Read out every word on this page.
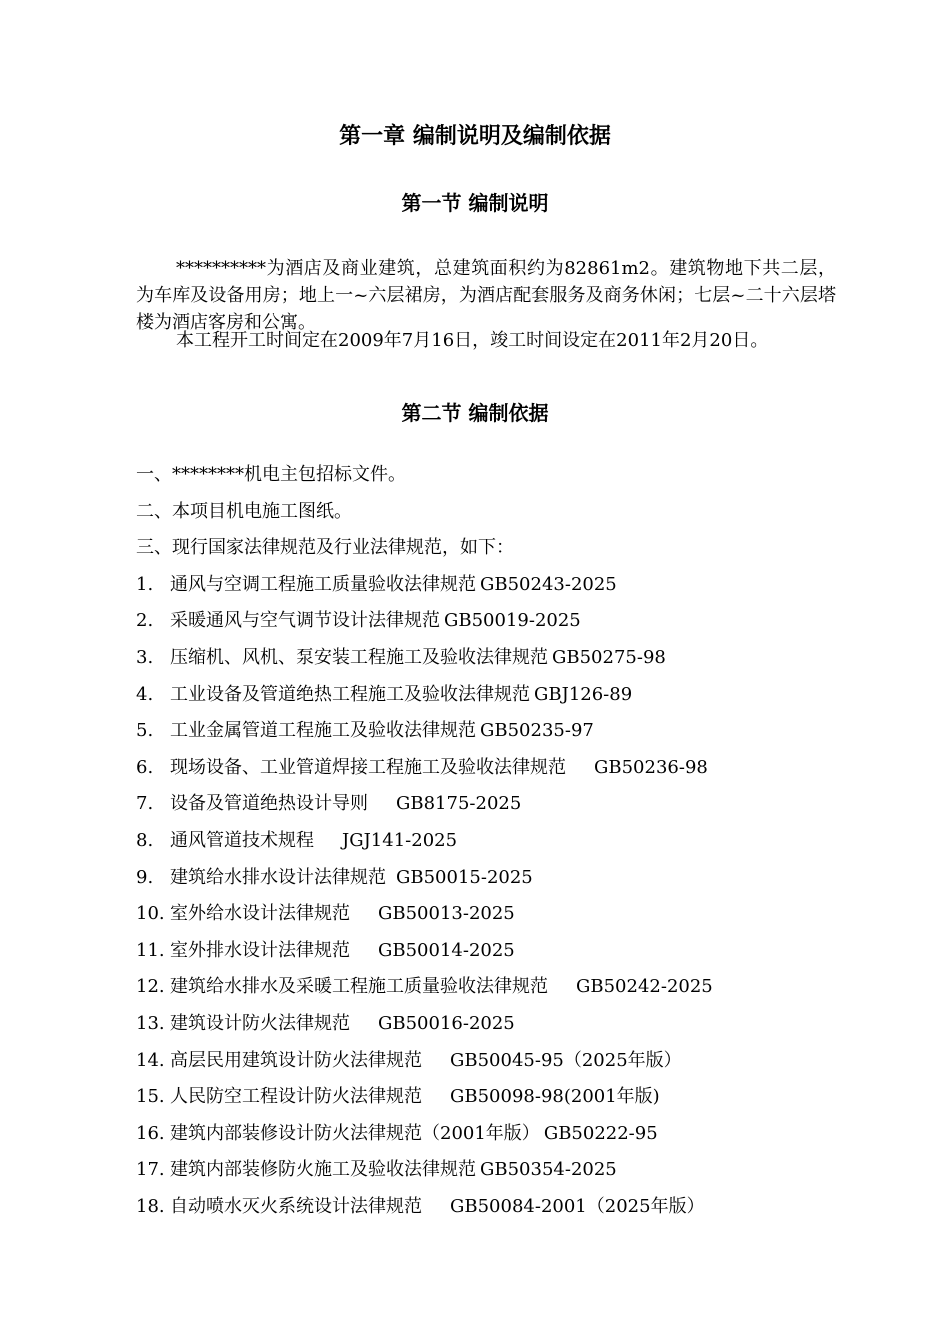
第一章 编制说明及编制依据
第一节 编制说明

**********为酒店及商业建筑，总建筑面积约为82861m2。建筑物地下共二层，为车库及设备用房；地上一~六层裙房，为酒店配套服务及商务休闲；七层~二十六层塔楼为酒店客房和公寓。

本工程开工时间定在2009年7月16日，竣工时间设定在2011年2月20日。

第二节 编制依据
一、********机电主包招标文件。
二、本项目机电施工图纸。
三、现行国家法律规范及行业法律规范，如下：
1. 通风与空调工程施工质量验收法律规范 GB50243-2025
2. 采暖通风与空气调节设计法律规范 GB50019-2025
3. 压缩机、风机、泵安装工程施工及验收法律规范 GB50275-98
4. 工业设备及管道绝热工程施工及验收法律规范 GBJ126-89
5. 工业金属管道工程施工及验收法律规范 GB50235-97
6. 现场设备、工业管道焊接工程施工及验收法律规范 GB50236-98
7. 设备及管道绝热设计导则 GB8175-2025
8. 通风管道技术规程 JGJ141-2025
9. 建筑给水排水设计法律规范 GB50015-2025
10. 室外给水设计法律规范 GB50013-2025
11. 室外排水设计法律规范 GB50014-2025
12. 建筑给水排水及采暖工程施工质量验收法律规范 GB50242-2025
13. 建筑设计防火法律规范 GB50016-2025
14. 高层民用建筑设计防火法律规范 GB50045-95（2025年版）
15. 人民防空工程设计防火法律规范 GB50098-98(2001年版)
16. 建筑内部装修设计防火法律规范（2001年版） GB50222-95
17. 建筑内部装修防火施工及验收法律规范 GB50354-2025
18. 自动喷水灭火系统设计法律规范 GB50084-2001（2025年版）
